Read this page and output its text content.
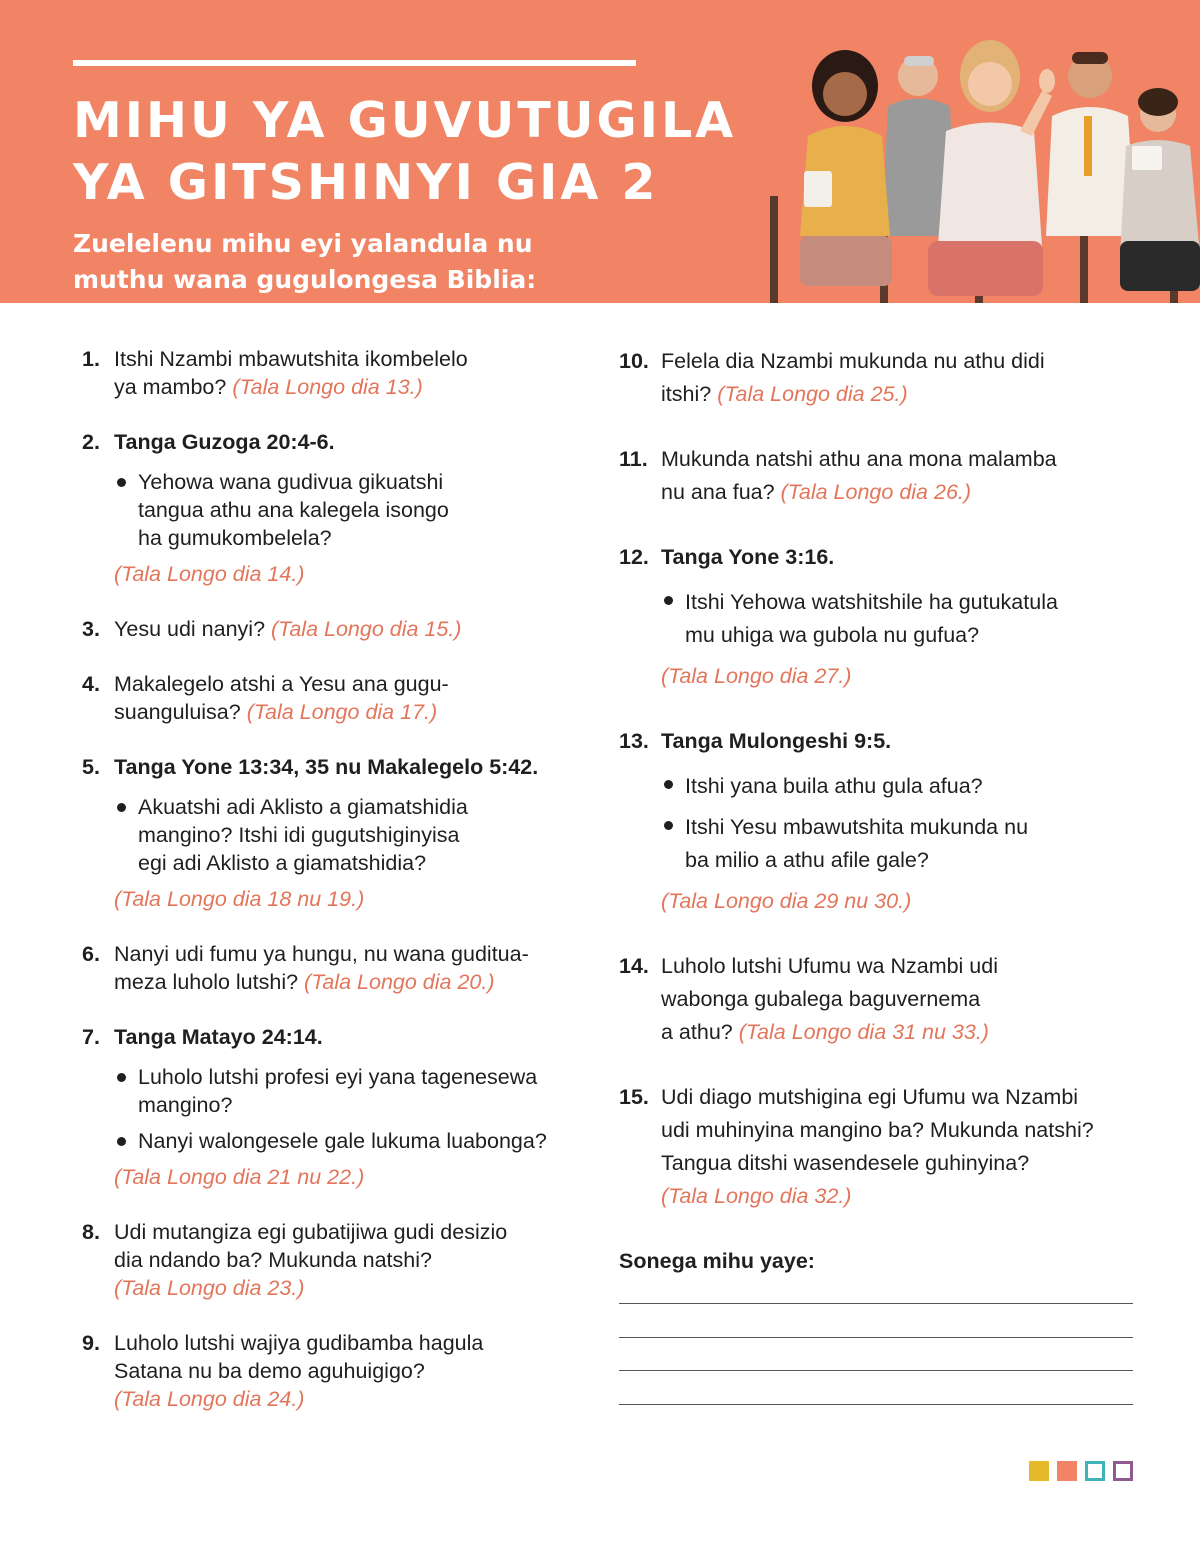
MIHU YA GUVUTUGILA
YA GITSHINYI GIA 2

Zuelelenu mihu eyi yalandula nu
muthu wana gugulongesa Biblia:

1. Itshi Nzambi mbawutshita ikombelelo
ya mambo? (Tala Longo dia 13.)
2. Tanga Guzoga 20:4-6.
Yehowa wana gudivua gikuatshi
tangua athu ana kalegela isongo
ha gumukombelela?
(Tala Longo dia 14.)
3. Yesu udi nanyi? (Tala Longo dia 15.)
4. Makalegelo atshi a Yesu ana gugu-
suanguluisa? (Tala Longo dia 17.)
5. Tanga Yone 13:34, 35 nu Makalegelo 5:42.
Akuatshi adi Aklisto a giamatshidia
mangino? Itshi idi gugutshiginyisa
egi adi Aklisto a giamatshidia?
(Tala Longo dia 18 nu 19.)
6. Nanyi udi fumu ya hungu, nu wana guditua-
meza luholo lutshi? (Tala Longo dia 20.)
7. Tanga Matayo 24:14.
Luholo lutshi profesi eyi yana tagenesewa
mangino?
Nanyi walongesele gale lukuma luabonga?
(Tala Longo dia 21 nu 22.)
8. Udi mutangiza egi gubatijiwa gudi desizio
dia ndando ba? Mukunda natshi?
(Tala Longo dia 23.)
9. Luholo lutshi wajiya gudibamba hagula
Satana nu ba demo aguhuigigo?
(Tala Longo dia 24.)
10. Felela dia Nzambi mukunda nu athu didi
itshi? (Tala Longo dia 25.)
11. Mukunda natshi athu ana mona malamba
nu ana fua? (Tala Longo dia 26.)
12. Tanga Yone 3:16.
Itshi Yehowa watshitshile ha gutukatula
mu uhiga wa gubola nu gufua?
(Tala Longo dia 27.)
13. Tanga Mulongeshi 9:5.
Itshi yana buila athu gula afua?
Itshi Yesu mbawutshita mukunda nu
ba milio a athu afile gale?
(Tala Longo dia 29 nu 30.)
14. Luholo lutshi Ufumu wa Nzambi udi
wabonga gubalega baguvernema
a athu? (Tala Longo dia 31 nu 33.)
15. Udi diago mutshigina egi Ufumu wa Nzambi
udi muhinyina mangino ba? Mukunda natshi?
Tangua ditshi wasendesele guhinyina?
(Tala Longo dia 32.)
Sonega mihu yaye:
